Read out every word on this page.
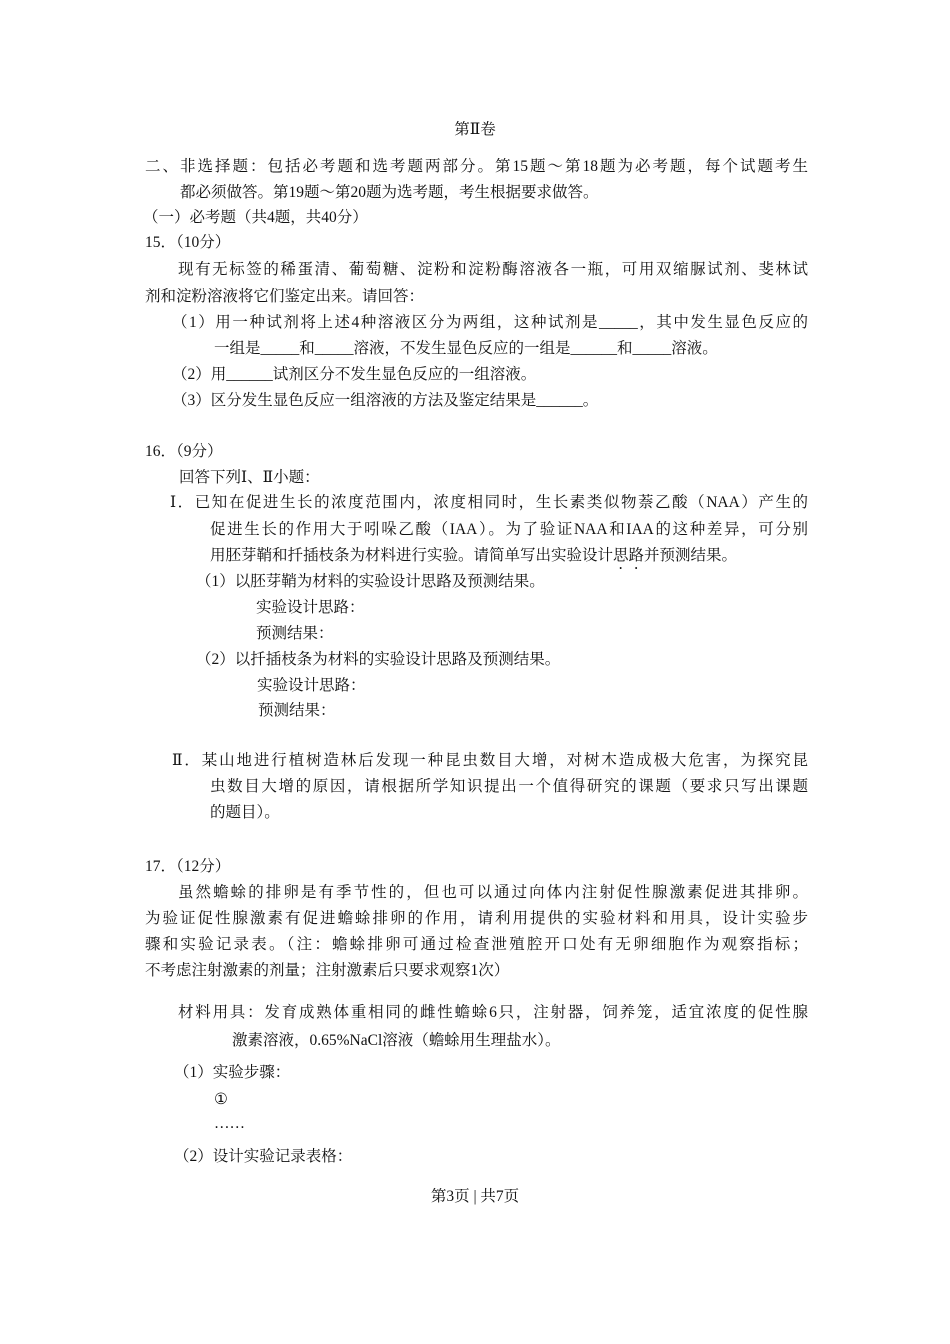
第Ⅱ卷
二、非选择题：包括必考题和选考题两部分。第15题～第18题为必考题，每个试题考生
都必须做答。第19题～第20题为选考题，考生根据要求做答。
（一）必考题（共4题，共40分）
15．（10分）
现有无标签的稀蛋清、葡萄糖、淀粉和淀粉酶溶液各一瓶，可用双缩脲试剂、斐林试
剂和淀粉溶液将它们鉴定出来。请回答：
（1）用一种试剂将上述4种溶液区分为两组，这种试剂是_____，其中发生显色反应的
一组是_____和_____溶液，不发生显色反应的一组是______和_____溶液。
（2）用______试剂区分不发生显色反应的一组溶液。
（3）区分发生显色反应一组溶液的方法及鉴定结果是______。
16．（9分）
回答下列Ⅰ、Ⅱ小题：
Ⅰ．已知在促进生长的浓度范围内，浓度相同时，生长素类似物萘乙酸（NAA）产生的
促进生长的作用大于吲哚乙酸（IAA）。为了验证NAA和IAA的这种差异，可分别
用胚芽鞘和扦插枝条为材料进行实验。请简单写出实验设计思路并预测结果。
（1）以胚芽鞘为材料的实验设计思路及预测结果。
实验设计思路：
预测结果：
（2）以扦插枝条为材料的实验设计思路及预测结果。
实验设计思路：
预测结果：
Ⅱ．某山地进行植树造林后发现一种昆虫数目大增，对树木造成极大危害，为探究昆
虫数目大增的原因，请根据所学知识提出一个值得研究的课题（要求只写出课题
的题目）。
17．（12分）
虽然蟾蜍的排卵是有季节性的，但也可以通过向体内注射促性腺激素促进其排卵。
为验证促性腺激素有促进蟾蜍排卵的作用，请利用提供的实验材料和用具，设计实验步
骤和实验记录表。（注：蟾蜍排卵可通过检查泄殖腔开口处有无卵细胞作为观察指标；
不考虑注射激素的剂量；注射激素后只要求观察1次）
材料用具：发育成熟体重相同的雌性蟾蜍6只，注射器，饲养笼，适宜浓度的促性腺
激素溶液，0.65%NaCl溶液（蟾蜍用生理盐水）。
（1）实验步骤：
①
……
（2）设计实验记录表格：
第3页 | 共7页
